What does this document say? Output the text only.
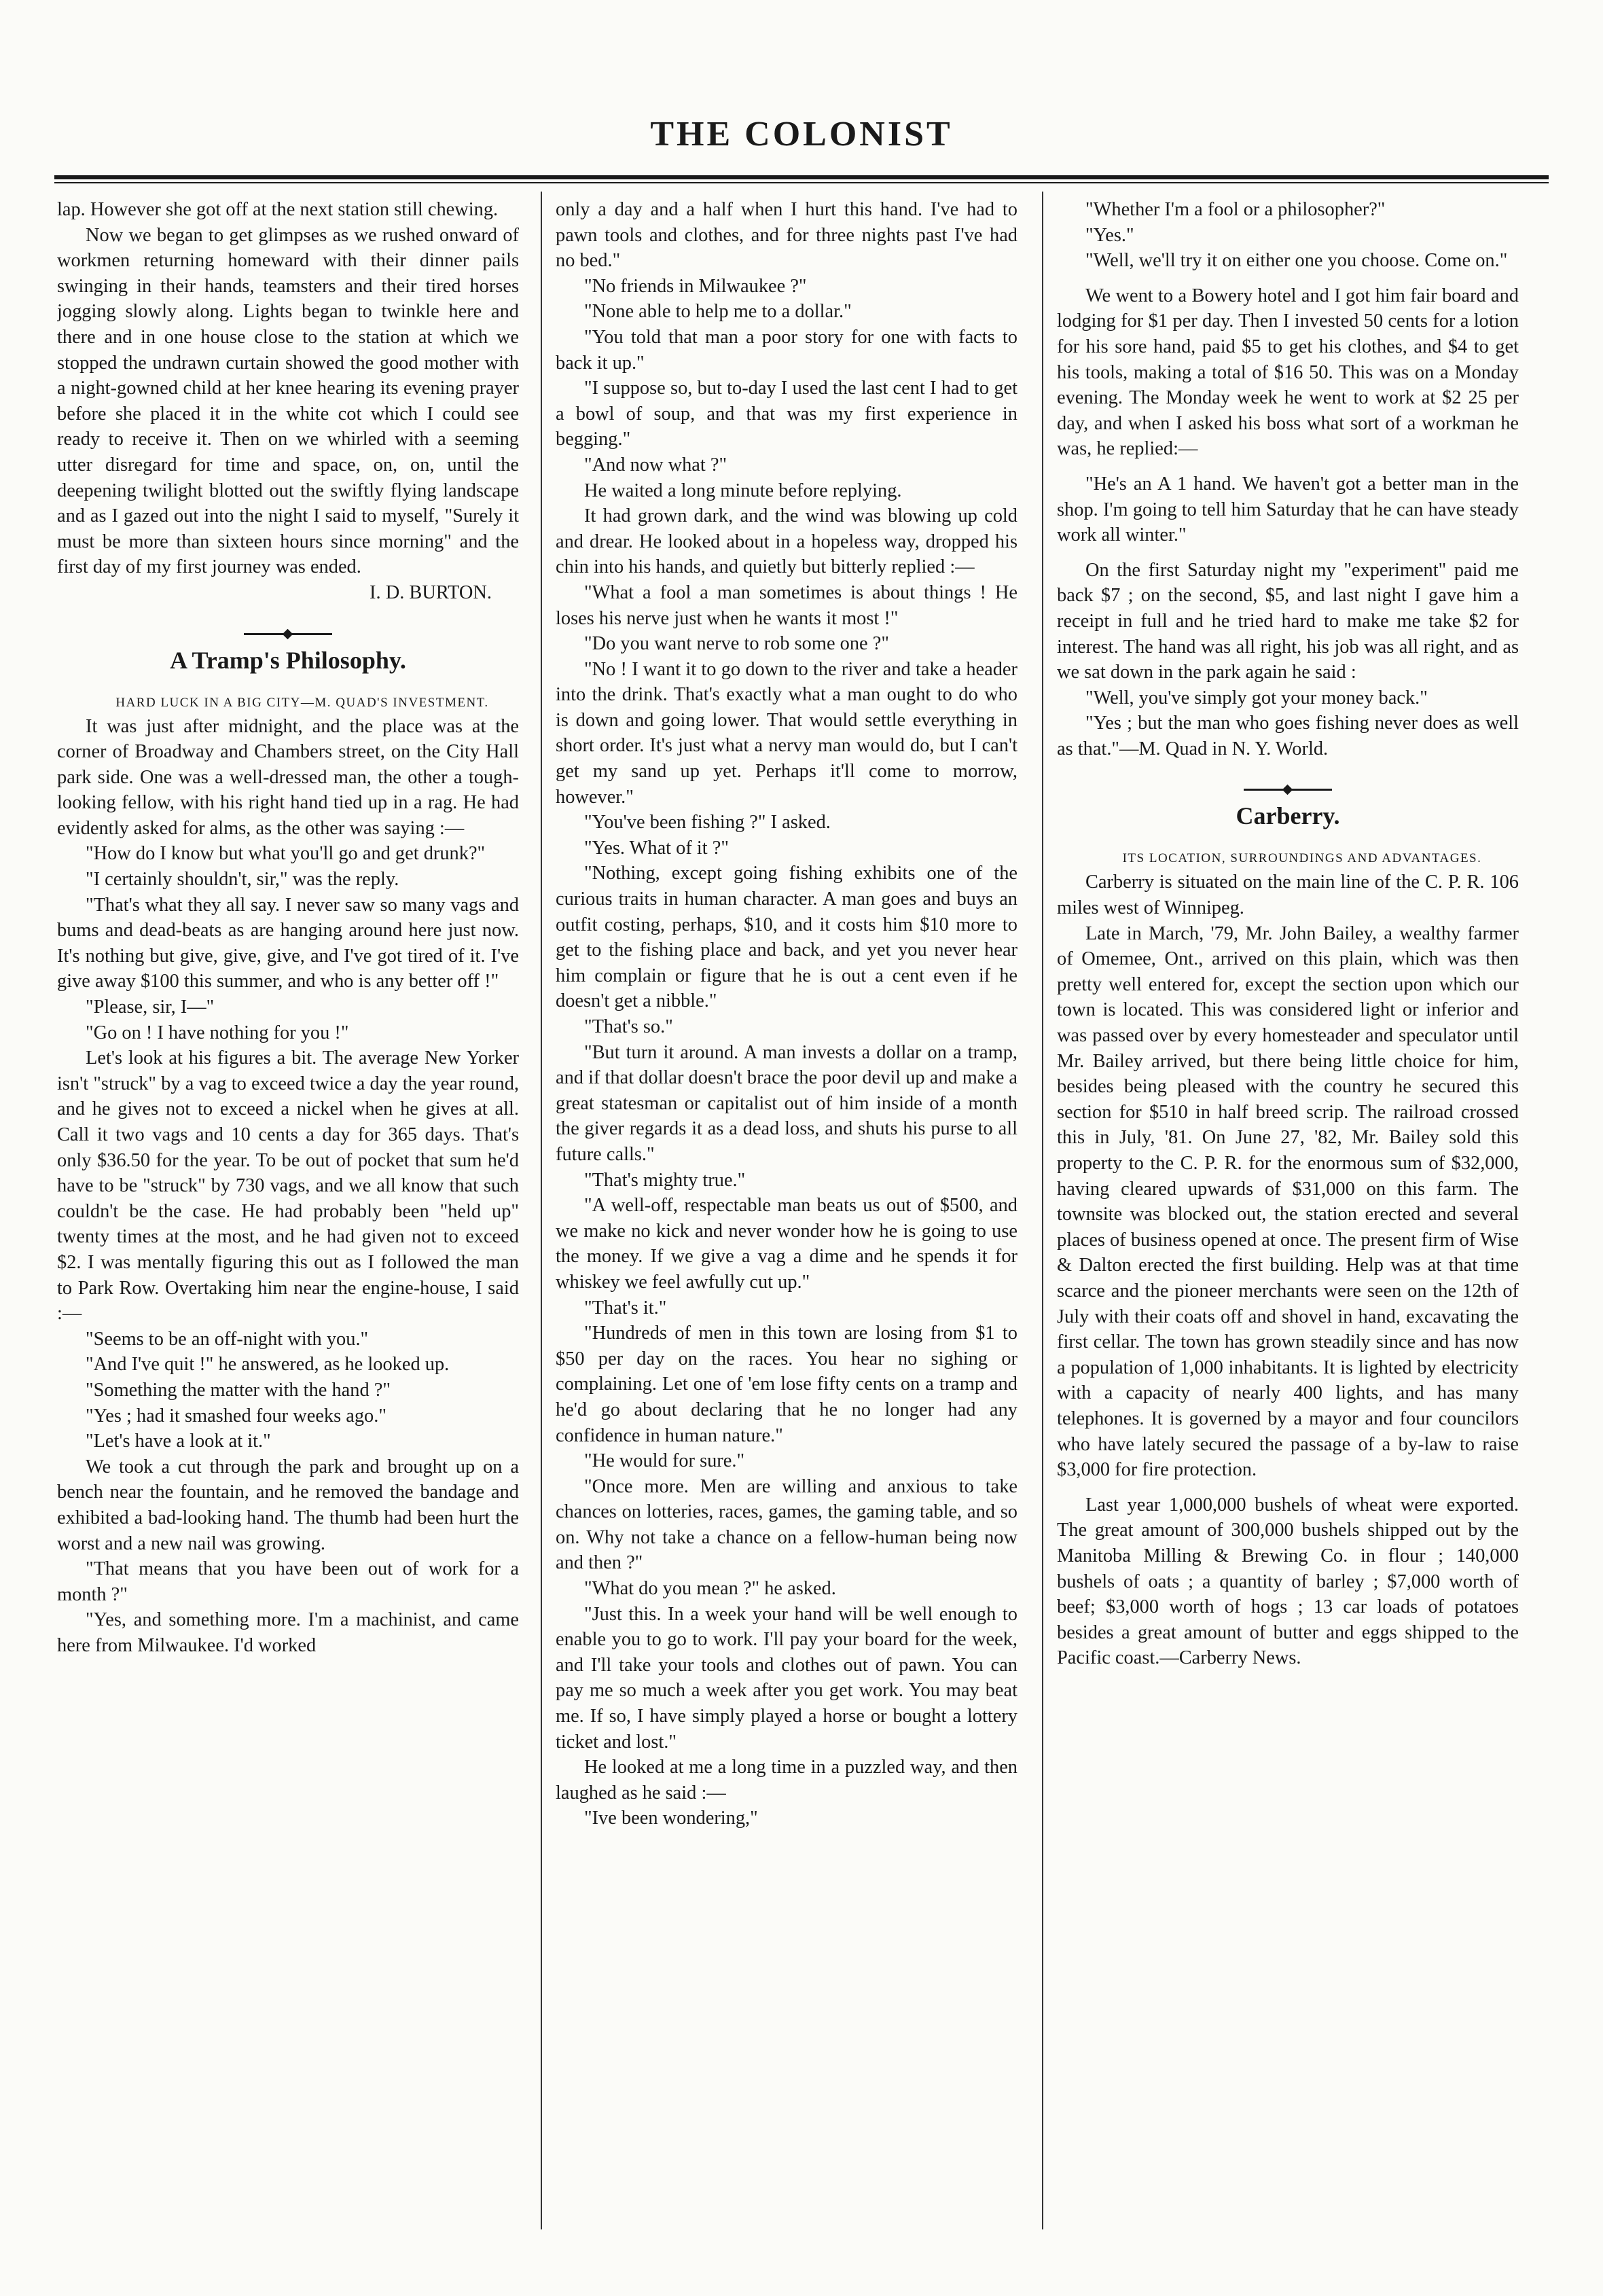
THE COLONIST

lap. However she got off at the next station still chewing.

Now we began to get glimpses as we rushed onward of workmen returning homeward with their dinner pails swinging in their hands, teamsters and their tired horses jogging slowly along. Lights began to twinkle here and there and in one house close to the station at which we stopped the undrawn curtain showed the good mother with a night-gowned child at her knee hearing its evening prayer before she placed it in the white cot which I could see ready to receive it. Then on we whirled with a seeming utter disregard for time and space, on, on, until the deepening twilight blotted out the swiftly flying landscape and as I gazed out into the night I said to myself, "Surely it must be more than sixteen hours since morning" and the first day of my first journey was ended.

I. D. BURTON.

A Tramp's Philosophy.

HARD LUCK IN A BIG CITY—M. QUAD'S INVESTMENT.

It was just after midnight, and the place was at the corner of Broadway and Chambers street, on the City Hall park side. One was a well-dressed man, the other a tough-looking fellow, with his right hand tied up in a rag. He had evidently asked for alms, as the other was saying :—

"How do I know but what you'll go and get drunk?"

"I certainly shouldn't, sir," was the reply.

"That's what they all say. I never saw so many vags and bums and dead-beats as are hanging around here just now. It's nothing but give, give, give, and I've got tired of it. I've give away $100 this summer, and who is any better off !"

"Please, sir, I—"

"Go on ! I have nothing for you !"

Let's look at his figures a bit. The average New Yorker isn't "struck" by a vag to exceed twice a day the year round, and he gives not to exceed a nickel when he gives at all. Call it two vags and 10 cents a day for 365 days. That's only $36.50 for the year. To be out of pocket that sum he'd have to be "struck" by 730 vags, and we all know that such couldn't be the case. He had probably been "held up" twenty times at the most, and he had given not to exceed $2. I was mentally figuring this out as I followed the man to Park Row. Overtaking him near the engine-house, I said :—

"Seems to be an off-night with you."

"And I've quit !" he answered, as he looked up.

"Something the matter with the hand ?"

"Yes ; had it smashed four weeks ago."

"Let's have a look at it."

We took a cut through the park and brought up on a bench near the fountain, and he removed the bandage and exhibited a bad-looking hand. The thumb had been hurt the worst and a new nail was growing.

"That means that you have been out of work for a month ?"

"Yes, and something more. I'm a machinist, and came here from Milwaukee. I'd worked

only a day and a half when I hurt this hand. I've had to pawn tools and clothes, and for three nights past I've had no bed."

"No friends in Milwaukee ?"

"None able to help me to a dollar."

"You told that man a poor story for one with facts to back it up."

"I suppose so, but to-day I used the last cent I had to get a bowl of soup, and that was my first experience in begging."

"And now what ?"

He waited a long minute before replying.

It had grown dark, and the wind was blowing up cold and drear. He looked about in a hopeless way, dropped his chin into his hands, and quietly but bitterly replied :—

"What a fool a man sometimes is about things ! He loses his nerve just when he wants it most !"

"Do you want nerve to rob some one ?"

"No ! I want it to go down to the river and take a header into the drink. That's exactly what a man ought to do who is down and going lower. That would settle everything in short order. It's just what a nervy man would do, but I can't get my sand up yet. Perhaps it'll come to morrow, however."

"You've been fishing ?" I asked.

"Yes. What of it ?"

"Nothing, except going fishing exhibits one of the curious traits in human character. A man goes and buys an outfit costing, perhaps, $10, and it costs him $10 more to get to the fishing place and back, and yet you never hear him complain or figure that he is out a cent even if he doesn't get a nibble."

"That's so."

"But turn it around. A man invests a dollar on a tramp, and if that dollar doesn't brace the poor devil up and make a great statesman or capitalist out of him inside of a month the giver regards it as a dead loss, and shuts his purse to all future calls."

"That's mighty true."

"A well-off, respectable man beats us out of $500, and we make no kick and never wonder how he is going to use the money. If we give a vag a dime and he spends it for whiskey we feel awfully cut up."

"That's it."

"Hundreds of men in this town are losing from $1 to $50 per day on the races. You hear no sighing or complaining. Let one of 'em lose fifty cents on a tramp and he'd go about declaring that he no longer had any confidence in human nature."

"He would for sure."

"Once more. Men are willing and anxious to take chances on lotteries, races, games, the gaming table, and so on. Why not take a chance on a fellow-human being now and then ?"

"What do you mean ?" he asked.

"Just this. In a week your hand will be well enough to enable you to go to work. I'll pay your board for the week, and I'll take your tools and clothes out of pawn. You can pay me so much a week after you get work. You may beat me. If so, I have simply played a horse or bought a lottery ticket and lost."

He looked at me a long time in a puzzled way, and then laughed as he said :—

"Ive been wondering,"

"Whether I'm a fool or a philosopher?"

"Yes."

"Well, we'll try it on either one you choose. Come on."

We went to a Bowery hotel and I got him fair board and lodging for $1 per day. Then I invested 50 cents for a lotion for his sore hand, paid $5 to get his clothes, and $4 to get his tools, making a total of $16 50. This was on a Monday evening. The Monday week he went to work at $2 25 per day, and when I asked his boss what sort of a workman he was, he replied:—

"He's an A 1 hand. We haven't got a better man in the shop. I'm going to tell him Saturday that he can have steady work all winter."

On the first Saturday night my "experiment" paid me back $7 ; on the second, $5, and last night I gave him a receipt in full and he tried hard to make me take $2 for interest. The hand was all right, his job was all right, and as we sat down in the park again he said :

"Well, you've simply got your money back."

"Yes ; but the man who goes fishing never does as well as that."—M. Quad in N. Y. World.

Carberry.

ITS LOCATION, SURROUNDINGS AND ADVANTAGES.

Carberry is situated on the main line of the C. P. R. 106 miles west of Winnipeg.

Late in March, '79, Mr. John Bailey, a wealthy farmer of Omemee, Ont., arrived on this plain, which was then pretty well entered for, except the section upon which our town is located. This was considered light or inferior and was passed over by every homesteader and speculator until Mr. Bailey arrived, but there being little choice for him, besides being pleased with the country he secured this section for $510 in half breed scrip. The railroad crossed this in July, '81. On June 27, '82, Mr. Bailey sold this property to the C. P. R. for the enormous sum of $32,000, having cleared upwards of $31,000 on this farm. The townsite was blocked out, the station erected and several places of business opened at once. The present firm of Wise & Dalton erected the first building. Help was at that time scarce and the pioneer merchants were seen on the 12th of July with their coats off and shovel in hand, excavating the first cellar. The town has grown steadily since and has now a population of 1,000 inhabitants. It is lighted by electricity with a capacity of nearly 400 lights, and has many telephones. It is governed by a mayor and four councilors who have lately secured the passage of a by-law to raise $3,000 for fire protection.

Last year 1,000,000 bushels of wheat were exported. The great amount of 300,000 bushels shipped out by the Manitoba Milling & Brewing Co. in flour ; 140,000 bushels of oats ; a quantity of barley ; $7,000 worth of beef; $3,000 worth of hogs ; 13 car loads of potatoes besides a great amount of butter and eggs shipped to the Pacific coast.—Carberry News.
